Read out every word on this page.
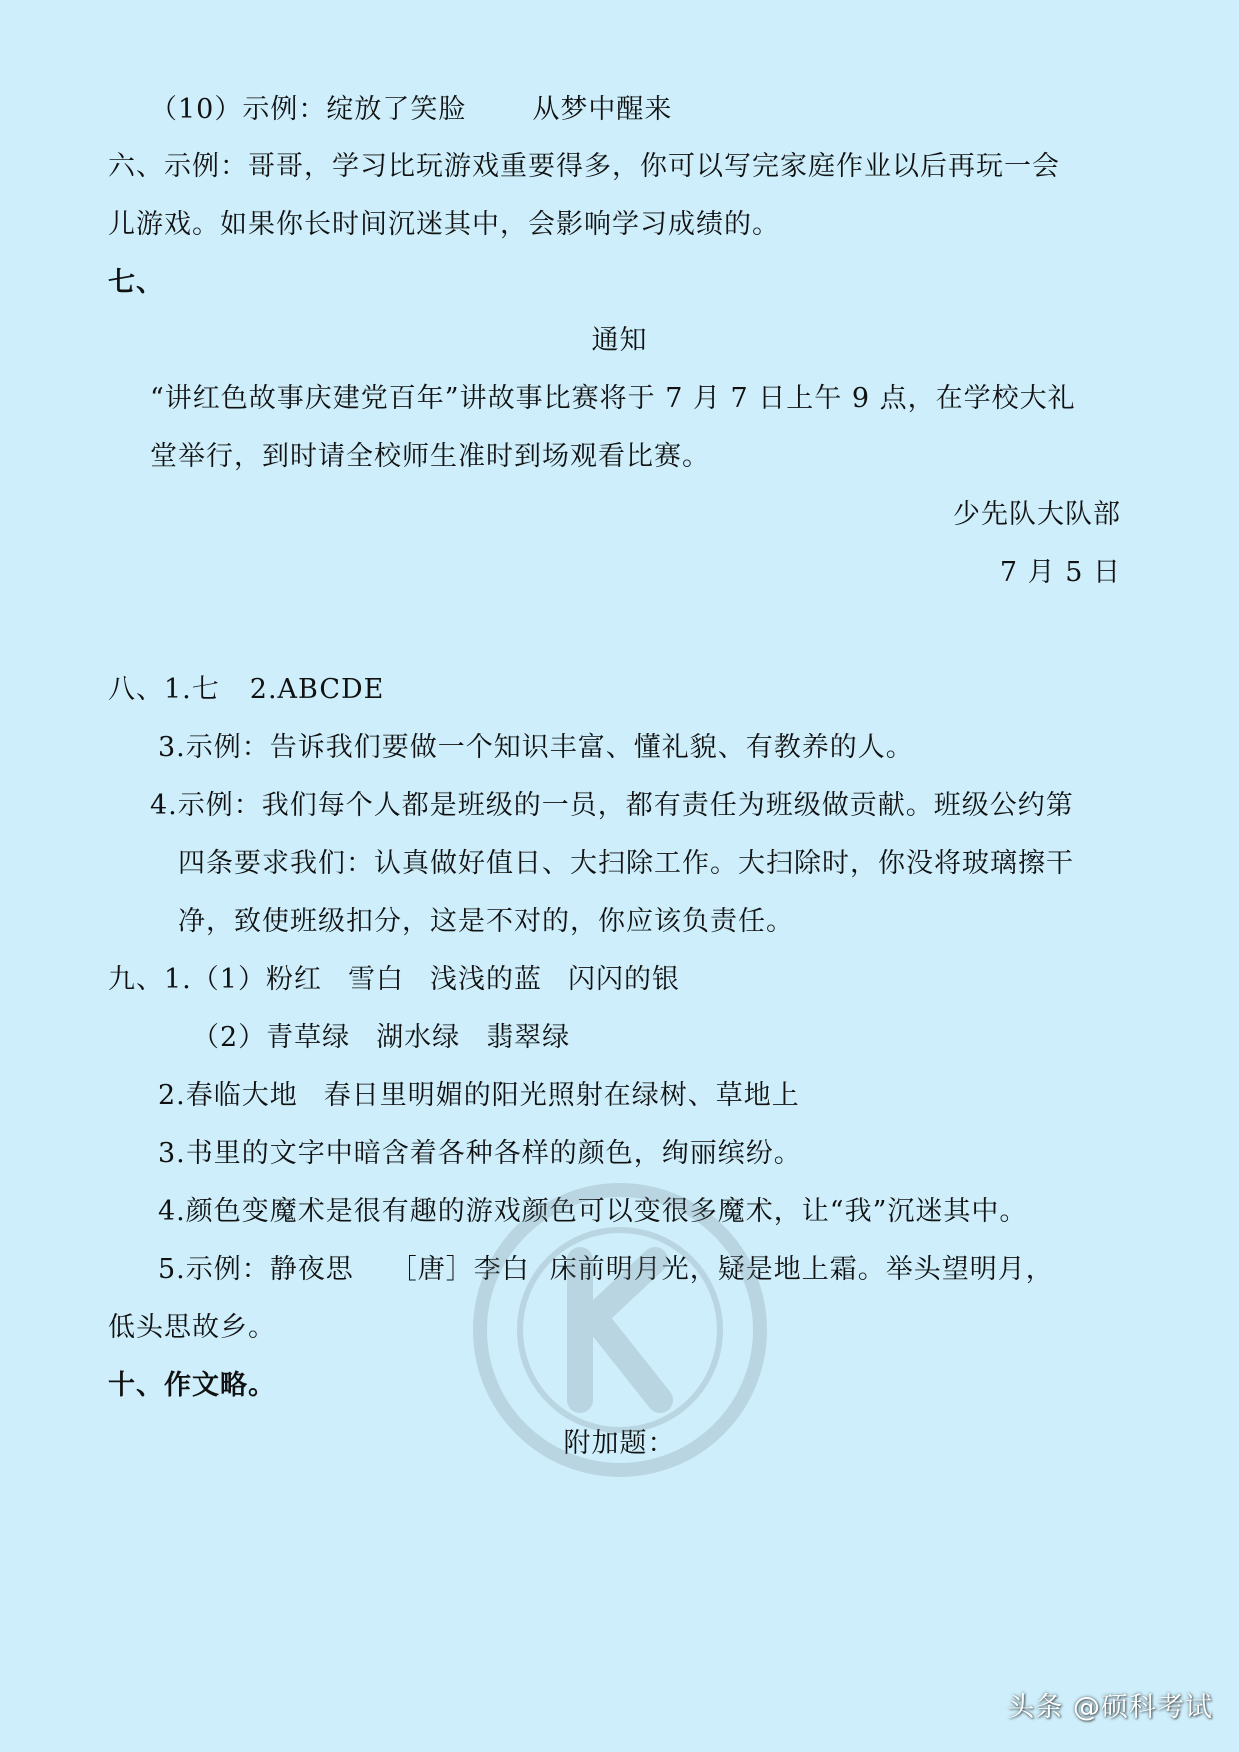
（10）示例：绽放了笑脸 从梦中醒来
六、示例：哥哥，学习比玩游戏重要得多，你可以写完家庭作业以后再玩一会
儿游戏。如果你长时间沉迷其中，会影响学习成绩的。
七、
通知
“讲红色故事庆建党百年”讲故事比赛将于 7 月 7 日上午 9 点，在学校大礼
堂举行，到时请全校师生准时到场观看比赛。
少先队大队部
7 月 5 日
八、1.七 2.ABCDE
3.示例：告诉我们要做一个知识丰富、懂礼貌、有教养的人。
4.示例：我们每个人都是班级的一员，都有责任为班级做贡献。班级公约第
四条要求我们：认真做好值日、大扫除工作。大扫除时，你没将玻璃擦干
净，致使班级扣分，这是不对的，你应该负责任。
九、1.（1）粉红 雪白 浅浅的蓝 闪闪的银
（2）青草绿 湖水绿 翡翠绿
2.春临大地 春日里明媚的阳光照射在绿树、草地上
3.书里的文字中暗含着各种各样的颜色，绚丽缤纷。
4.颜色变魔术是很有趣的游戏颜色可以变很多魔术，让“我”沉迷其中。
5.示例：静夜思 ［唐］李白 床前明月光，疑是地上霜。举头望明月，
低头思故乡。
十、作文略。
附加题：
头条 @硕科考试
